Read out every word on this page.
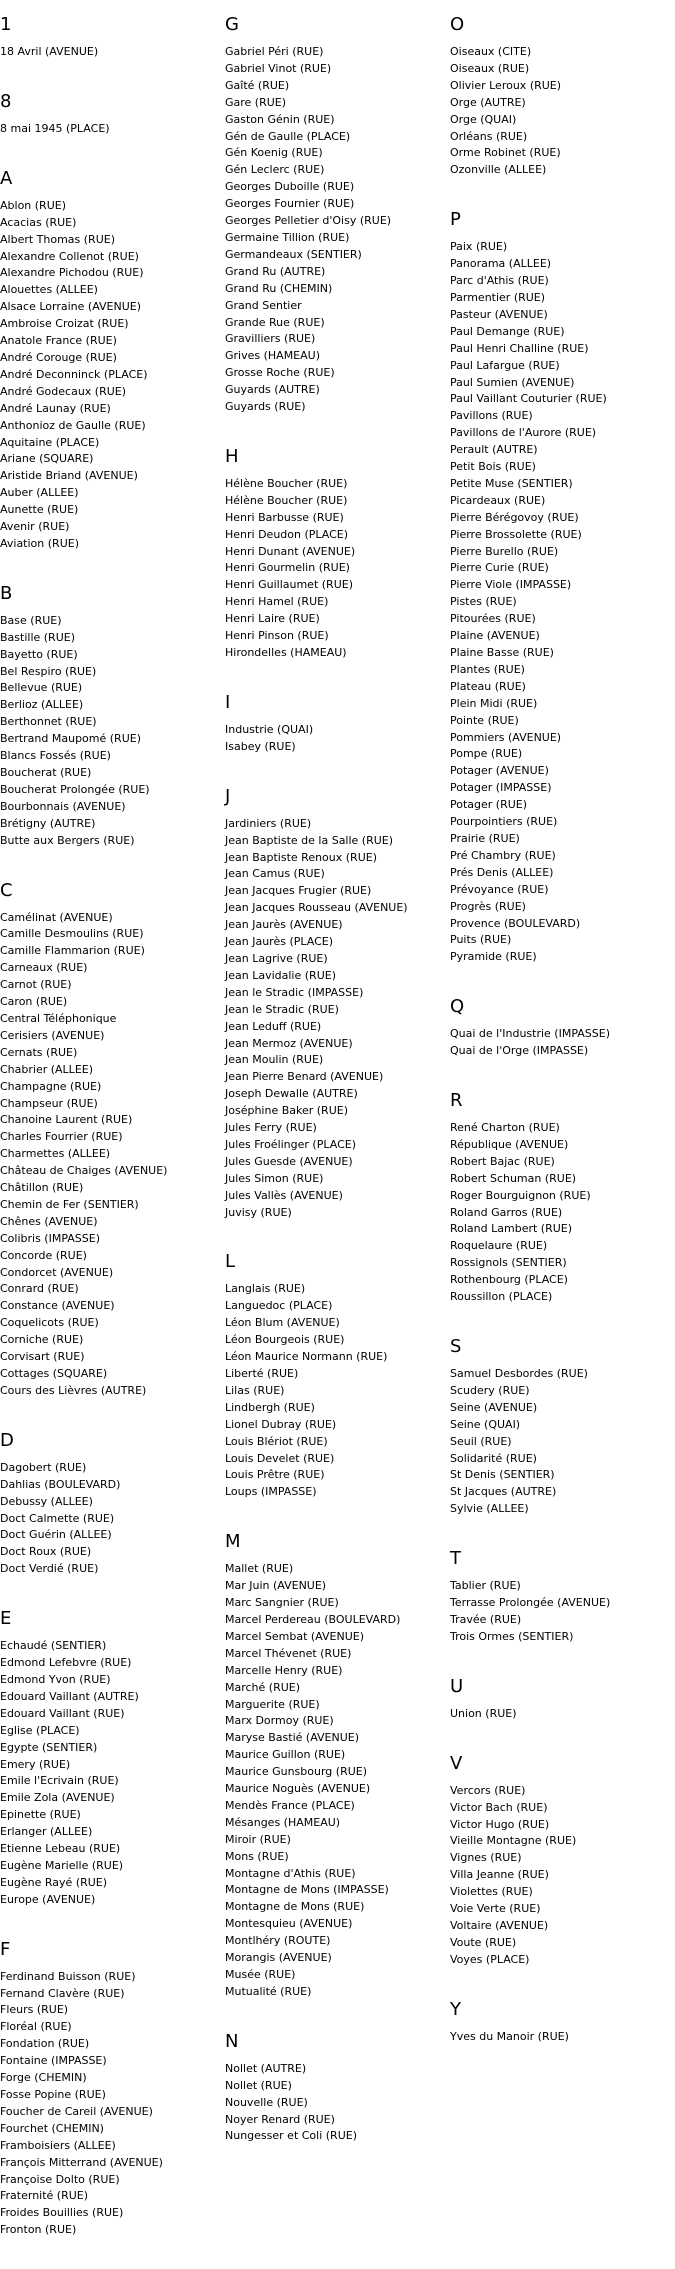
1
18 Avril (AVENUE)
8
8 mai 1945 (PLACE)
A
Ablon (RUE)
Acacias (RUE)
Albert Thomas (RUE)
Alexandre Collenot (RUE)
Alexandre Pichodou (RUE)
Alouettes (ALLEE)
Alsace Lorraine (AVENUE)
Ambroise Croizat (RUE)
Anatole France (RUE)
André Corouge (RUE)
André Deconninck (PLACE)
André Godecaux (RUE)
André Launay (RUE)
Anthonioz de Gaulle (RUE)
Aquitaine (PLACE)
Ariane (SQUARE)
Aristide Briand (AVENUE)
Auber (ALLEE)
Aunette (RUE)
Avenir (RUE)
Aviation (RUE)
B
Base (RUE)
Bastille (RUE)
Bayetto (RUE)
Bel Respiro (RUE)
Bellevue (RUE)
Berlioz (ALLEE)
Berthonnet (RUE)
Bertrand Maupomé (RUE)
Blancs Fossés (RUE)
Boucherat (RUE)
Boucherat Prolongée (RUE)
Bourbonnais (AVENUE)
Brétigny (AUTRE)
Butte aux Bergers (RUE)
C
Camélinat (AVENUE)
Camille Desmoulins (RUE)
Camille Flammarion (RUE)
Carneaux (RUE)
Carnot (RUE)
Caron (RUE)
Central Téléphonique
Cerisiers (AVENUE)
Cernats (RUE)
Chabrier (ALLEE)
Champagne (RUE)
Champseur (RUE)
Chanoine Laurent (RUE)
Charles Fourrier (RUE)
Charmettes (ALLEE)
Château de Chaiges (AVENUE)
Châtillon (RUE)
Chemin de Fer (SENTIER)
Chênes (AVENUE)
Colibris (IMPASSE)
Concorde (RUE)
Condorcet (AVENUE)
Conrard (RUE)
Constance (AVENUE)
Coquelicots (RUE)
Corniche (RUE)
Corvisart (RUE)
Cottages (SQUARE)
Cours des Lièvres (AUTRE)
D
Dagobert (RUE)
Dahlias (BOULEVARD)
Debussy (ALLEE)
Doct Calmette (RUE)
Doct Guérin (ALLEE)
Doct Roux (RUE)
Doct Verdié (RUE)
E
Echaudé (SENTIER)
Edmond Lefebvre (RUE)
Edmond Yvon (RUE)
Edouard Vaillant (AUTRE)
Edouard Vaillant (RUE)
Eglise (PLACE)
Egypte (SENTIER)
Emery (RUE)
Emile l'Ecrivain (RUE)
Emile Zola (AVENUE)
Epinette (RUE)
Erlanger (ALLEE)
Etienne Lebeau (RUE)
Eugène Marielle (RUE)
Eugène Rayé (RUE)
Europe (AVENUE)
F
Ferdinand Buisson (RUE)
Fernand Clavère (RUE)
Fleurs (RUE)
Floréal (RUE)
Fondation (RUE)
Fontaine (IMPASSE)
Forge (CHEMIN)
Fosse Popine (RUE)
Foucher de Careil (AVENUE)
Fourchet (CHEMIN)
Framboisiers (ALLEE)
François Mitterrand (AVENUE)
Françoise Dolto (RUE)
Fraternité (RUE)
Froides Bouillies (RUE)
Fronton (RUE)
G
Gabriel Péri (RUE)
Gabriel Vinot (RUE)
Gaîté (RUE)
Gare (RUE)
Gaston Génin (RUE)
Gén de Gaulle (PLACE)
Gén Koenig (RUE)
Gén Leclerc (RUE)
Georges Duboille (RUE)
Georges Fournier (RUE)
Georges Pelletier d'Oisy (RUE)
Germaine Tillion (RUE)
Germandeaux (SENTIER)
Grand Ru (AUTRE)
Grand Ru (CHEMIN)
Grand Sentier
Grande Rue (RUE)
Gravilliers (RUE)
Grives (HAMEAU)
Grosse Roche (RUE)
Guyards (AUTRE)
Guyards (RUE)
H
Hélène Boucher (RUE)
Hélène Boucher (RUE)
Henri Barbusse (RUE)
Henri Deudon (PLACE)
Henri Dunant (AVENUE)
Henri Gourmelin (RUE)
Henri Guillaumet (RUE)
Henri Hamel (RUE)
Henri Laire (RUE)
Henri Pinson (RUE)
Hirondelles (HAMEAU)
I
Industrie (QUAI)
Isabey (RUE)
J
Jardiniers (RUE)
Jean Baptiste de la Salle (RUE)
Jean Baptiste Renoux (RUE)
Jean Camus (RUE)
Jean Jacques Frugier (RUE)
Jean Jacques Rousseau (AVENUE)
Jean Jaurès (AVENUE)
Jean Jaurès (PLACE)
Jean Lagrive (RUE)
Jean Lavidalie (RUE)
Jean le Stradic (IMPASSE)
Jean le Stradic (RUE)
Jean Leduff (RUE)
Jean Mermoz (AVENUE)
Jean Moulin (RUE)
Jean Pierre Benard (AVENUE)
Joseph Dewalle (AUTRE)
Joséphine Baker (RUE)
Jules Ferry (RUE)
Jules Froélinger (PLACE)
Jules Guesde (AVENUE)
Jules Simon (RUE)
Jules Vallès (AVENUE)
Juvisy (RUE)
L
Langlais (RUE)
Languedoc (PLACE)
Léon Blum (AVENUE)
Léon Bourgeois (RUE)
Léon Maurice Normann (RUE)
Liberté (RUE)
Lilas (RUE)
Lindbergh (RUE)
Lionel Dubray (RUE)
Louis Blériot (RUE)
Louis Develet (RUE)
Louis Prêtre (RUE)
Loups (IMPASSE)
M
Mallet (RUE)
Mar Juin (AVENUE)
Marc Sangnier (RUE)
Marcel Perdereau (BOULEVARD)
Marcel Sembat (AVENUE)
Marcel Thévenet (RUE)
Marcelle Henry (RUE)
Marché (RUE)
Marguerite (RUE)
Marx Dormoy (RUE)
Maryse Bastié (AVENUE)
Maurice Guillon (RUE)
Maurice Gunsbourg (RUE)
Maurice Noguès (AVENUE)
Mendès France (PLACE)
Mésanges (HAMEAU)
Miroir (RUE)
Mons (RUE)
Montagne d'Athis (RUE)
Montagne de Mons (IMPASSE)
Montagne de Mons (RUE)
Montesquieu (AVENUE)
Montlhéry (ROUTE)
Morangis (AVENUE)
Musée (RUE)
Mutualité (RUE)
N
Nollet (AUTRE)
Nollet (RUE)
Nouvelle (RUE)
Noyer Renard (RUE)
Nungesser et Coli (RUE)
O
Oiseaux (CITE)
Oiseaux (RUE)
Olivier Leroux (RUE)
Orge (AUTRE)
Orge (QUAI)
Orléans (RUE)
Orme Robinet (RUE)
Ozonville (ALLEE)
P
Paix (RUE)
Panorama (ALLEE)
Parc d'Athis (RUE)
Parmentier (RUE)
Pasteur (AVENUE)
Paul Demange (RUE)
Paul Henri Challine (RUE)
Paul Lafargue (RUE)
Paul Sumien (AVENUE)
Paul Vaillant Couturier (RUE)
Pavillons (RUE)
Pavillons de l'Aurore (RUE)
Perault (AUTRE)
Petit Bois (RUE)
Petite Muse (SENTIER)
Picardeaux (RUE)
Pierre Bérégovoy (RUE)
Pierre Brossolette (RUE)
Pierre Burello (RUE)
Pierre Curie (RUE)
Pierre Viole (IMPASSE)
Pistes (RUE)
Pitourées (RUE)
Plaine (AVENUE)
Plaine Basse (RUE)
Plantes (RUE)
Plateau (RUE)
Plein Midi (RUE)
Pointe (RUE)
Pommiers (AVENUE)
Pompe (RUE)
Potager (AVENUE)
Potager (IMPASSE)
Potager (RUE)
Pourpointiers (RUE)
Prairie (RUE)
Pré Chambry (RUE)
Prés Denis (ALLEE)
Prévoyance (RUE)
Progrès (RUE)
Provence (BOULEVARD)
Puits (RUE)
Pyramide (RUE)
Q
Quai de l'Industrie (IMPASSE)
Quai de l'Orge (IMPASSE)
R
René Charton (RUE)
République (AVENUE)
Robert Bajac (RUE)
Robert Schuman (RUE)
Roger Bourguignon (RUE)
Roland Garros (RUE)
Roland Lambert (RUE)
Roquelaure (RUE)
Rossignols (SENTIER)
Rothenbourg (PLACE)
Roussillon (PLACE)
S
Samuel Desbordes (RUE)
Scudery (RUE)
Seine (AVENUE)
Seine (QUAI)
Seuil (RUE)
Solidarité (RUE)
St Denis (SENTIER)
St Jacques (AUTRE)
Sylvie (ALLEE)
T
Tablier (RUE)
Terrasse Prolongée (AVENUE)
Travée (RUE)
Trois Ormes (SENTIER)
U
Union (RUE)
V
Vercors (RUE)
Victor Bach (RUE)
Victor Hugo (RUE)
Vieille Montagne (RUE)
Vignes (RUE)
Villa Jeanne (RUE)
Violettes (RUE)
Voie Verte (RUE)
Voltaire (AVENUE)
Voute (RUE)
Voyes (PLACE)
Y
Yves du Manoir (RUE)
